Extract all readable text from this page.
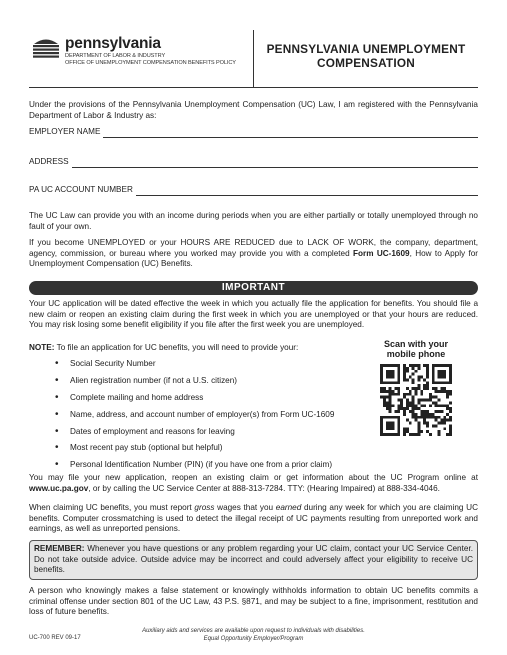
pennsylvania
DEPARTMENT OF LABOR & INDUSTRY
OFFICE OF UNEMPLOYMENT COMPENSATION BENEFITS POLICY
PENNSYLVANIA UNEMPLOYMENT
COMPENSATION

Under the provisions of the Pennsylvania Unemployment Compensation (UC) Law, I am registered with the Pennsylvania Department of Labor & Industry as:

EMPLOYER NAME
ADDRESS
PA UC ACCOUNT NUMBER

The UC Law can provide you with an income during periods when you are either partially or totally unemployed through no fault of your own.

If you become UNEMPLOYED or your HOURS ARE REDUCED due to LACK OF WORK, the company, department, agency, commission, or bureau where you worked may provide you with a completed Form UC-1609, How to Apply for Unemployment Compensation (UC) Benefits.

IMPORTANT

Your UC application will be dated effective the week in which you actually file the application for benefits. You should file a new claim or reopen an existing claim during the first week in which you are unemployed or that your hours are reduced. You may risk losing some benefit eligibility if you file after the first week you are unemployed.

NOTE: To file an application for UC benefits, you will need to provide your:

• Social Security Number
• Alien registration number (if not a U.S. citizen)
• Complete mailing and home address
• Name, address, and account number of employer(s) from Form UC-1609
• Dates of employment and reasons for leaving
• Most recent pay stub (optional but helpful)
• Personal Identification Number (PIN) (if you have one from a prior claim)
Scan with your
mobile phone

You may file your new application, reopen an existing claim or get information about the UC Program online at www.uc.pa.gov, or by calling the UC Service Center at 888-313-7284. TTY: (Hearing Impaired) at 888-334-4046.

When claiming UC benefits, you must report gross wages that you earned during any week for which you are claiming UC benefits. Computer crossmatching is used to detect the illegal receipt of UC payments resulting from unreported work and earnings, as well as unreported pensions.

REMEMBER: Whenever you have questions or any problem regarding your UC claim, contact your UC Service Center. Do not take outside advice. Outside advice may be incorrect and could adversely affect your eligibility to receive UC benefits.

A person who knowingly makes a false statement or knowingly withholds information to obtain UC benefits commits a criminal offense under section 801 of the UC Law, 43 P.S. §871, and may be subject to a fine, imprisonment, restitution and loss of future benefits.

Auxiliary aids and services are available upon request to individuals with disabilities.
Equal Opportunity Employer/Program
UC-700 REV 09-17
